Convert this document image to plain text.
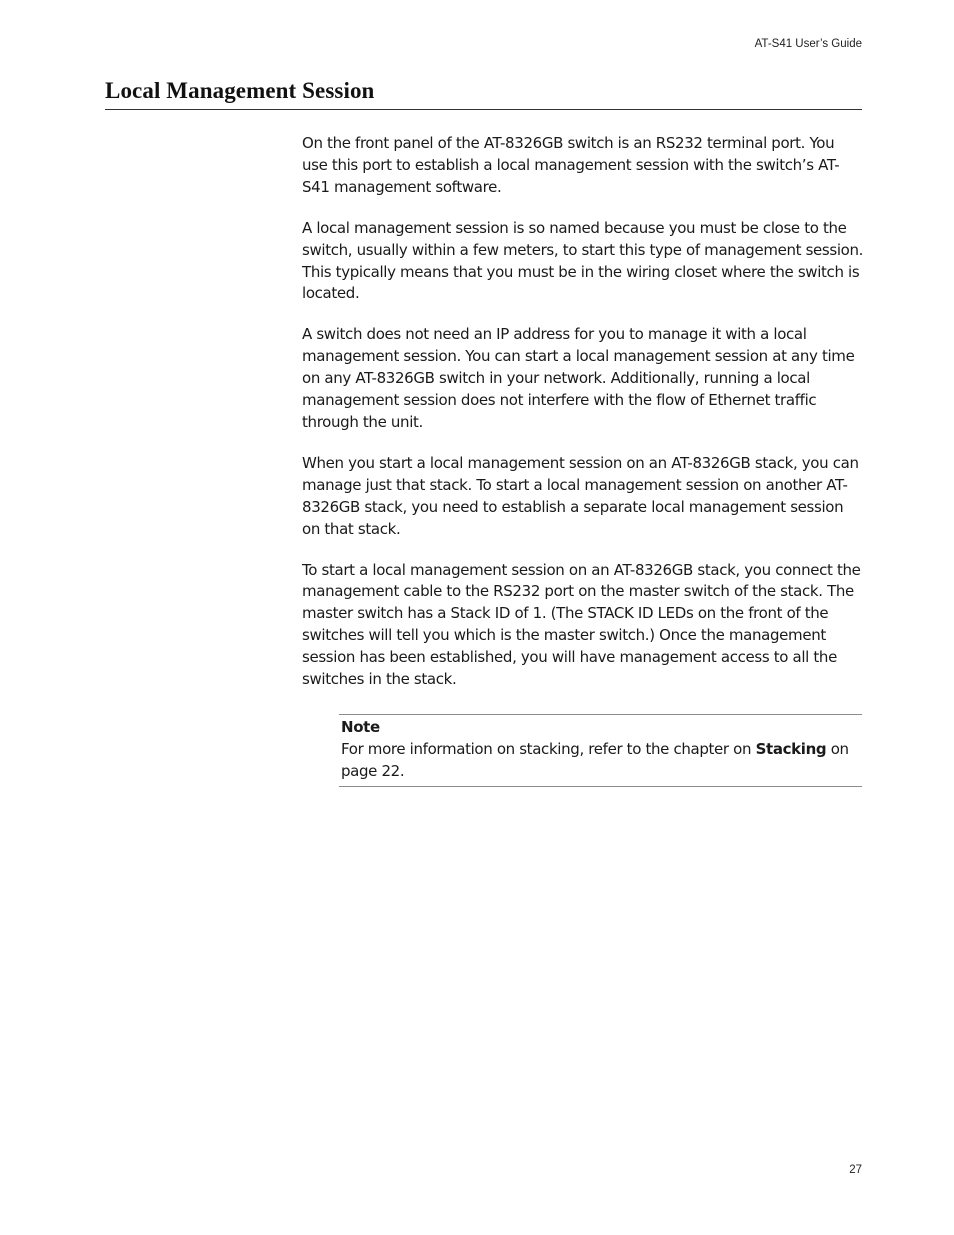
AT-S41 User’s Guide
Local Management Session

On the front panel of the AT-8326GB switch is an RS232 terminal port. You use this port to establish a local management session with the switch’s AT-S41 management software.

A local management session is so named because you must be close to the switch, usually within a few meters, to start this type of management session. This typically means that you must be in the wiring closet where the switch is located.

A switch does not need an IP address for you to manage it with a local management session. You can start a local management session at any time on any AT-8326GB switch in your network. Additionally, running a local management session does not interfere with the flow of Ethernet traffic through the unit.

When you start a local management session on an AT-8326GB stack, you can manage just that stack. To start a local management session on another AT-8326GB stack, you need to establish a separate local management session on that stack.

To start a local management session on an AT-8326GB stack, you connect the management cable to the RS232 port on the master switch of the stack. The master switch has a Stack ID of 1. (The STACK ID LEDs on the front of the switches will tell you which is the master switch.) Once the management session has been established, you will have management access to all the switches in the stack.

Note

For more information on stacking, refer to the chapter on Stacking on page 22.

27
